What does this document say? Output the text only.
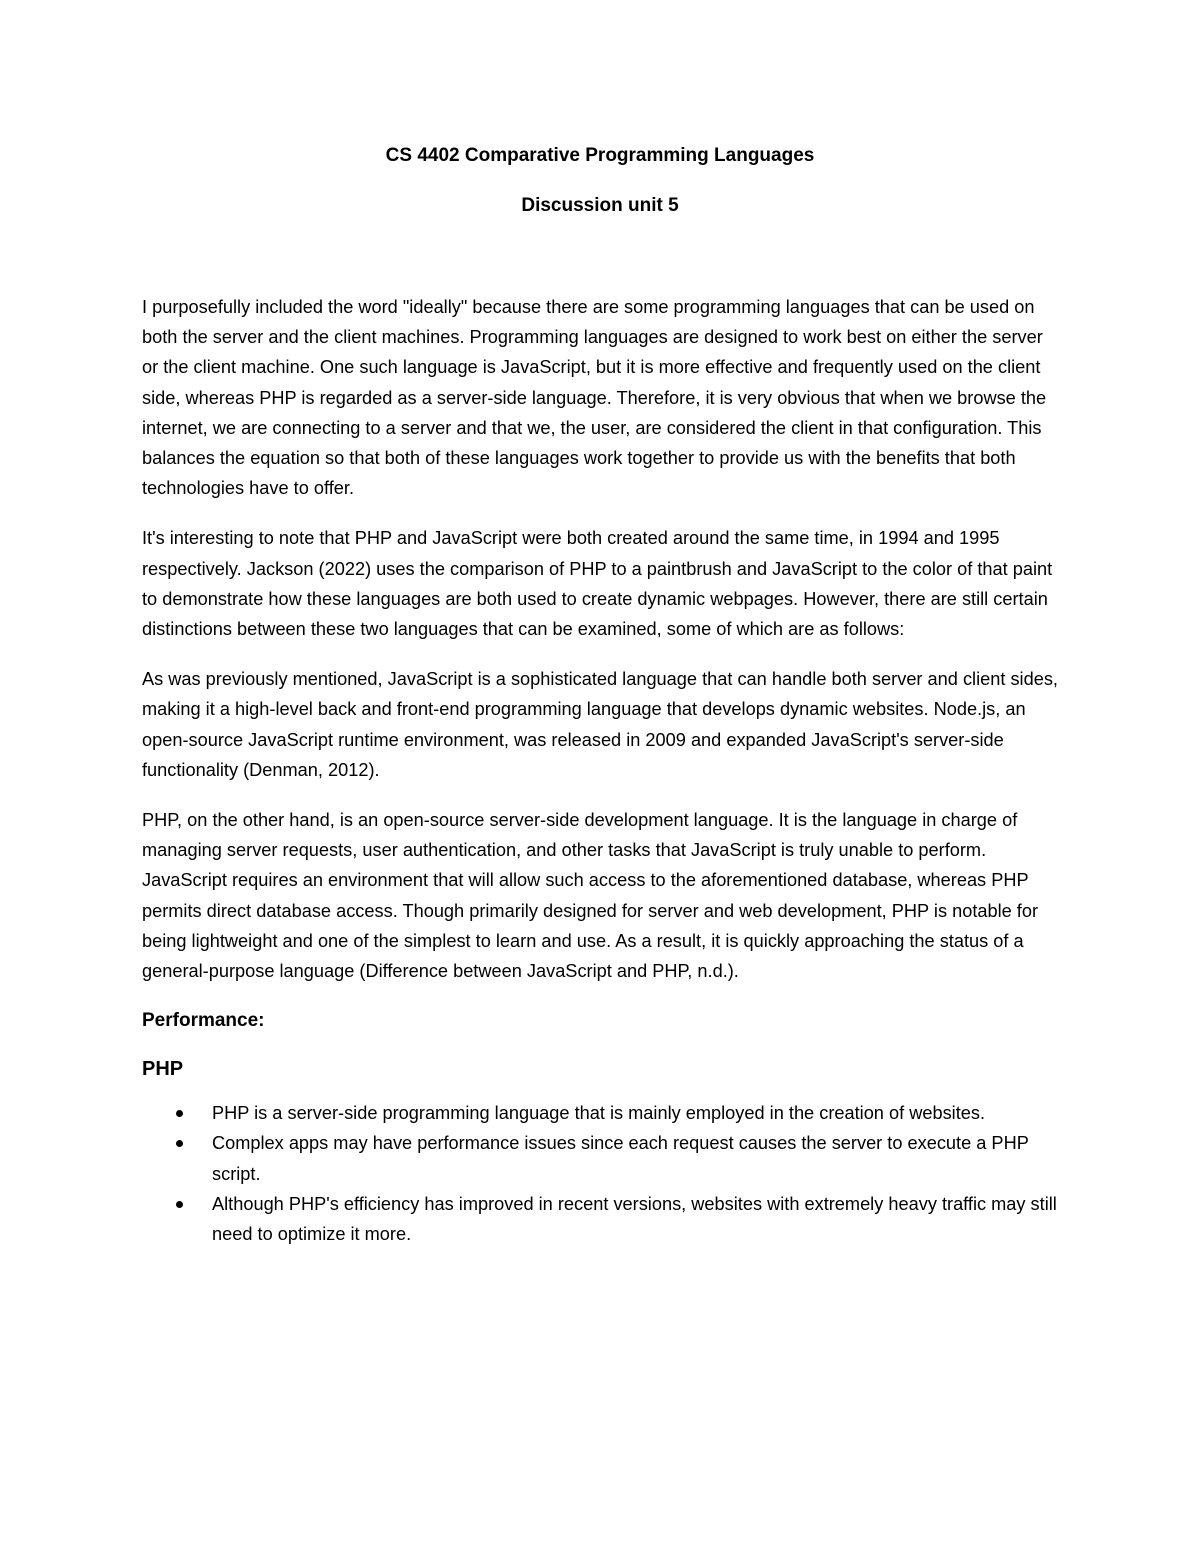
CS 4402 Comparative Programming Languages
Discussion unit 5

I purposefully included the word "ideally" because there are some programming languages that can be used on both the server and the client machines. Programming languages are designed to work best on either the server or the client machine. One such language is JavaScript, but it is more effective and frequently used on the client side, whereas PHP is regarded as a server-side language. Therefore, it is very obvious that when we browse the internet, we are connecting to a server and that we, the user, are considered the client in that configuration. This balances the equation so that both of these languages work together to provide us with the benefits that both technologies have to offer.

It's interesting to note that PHP and JavaScript were both created around the same time, in 1994 and 1995 respectively. Jackson (2022) uses the comparison of PHP to a paintbrush and JavaScript to the color of that paint to demonstrate how these languages are both used to create dynamic webpages. However, there are still certain distinctions between these two languages that can be examined, some of which are as follows:

As was previously mentioned, JavaScript is a sophisticated language that can handle both server and client sides, making it a high-level back and front-end programming language that develops dynamic websites. Node.js, an open-source JavaScript runtime environment, was released in 2009 and expanded JavaScript's server-side functionality (Denman, 2012).

PHP, on the other hand, is an open-source server-side development language. It is the language in charge of managing server requests, user authentication, and other tasks that JavaScript is truly unable to perform. JavaScript requires an environment that will allow such access to the aforementioned database, whereas PHP permits direct database access. Though primarily designed for server and web development, PHP is notable for being lightweight and one of the simplest to learn and use. As a result, it is quickly approaching the status of a general-purpose language (Difference between JavaScript and PHP, n.d.).

Performance:
PHP
PHP is a server-side programming language that is mainly employed in the creation of websites.
Complex apps may have performance issues since each request causes the server to execute a PHP script.
Although PHP's efficiency has improved in recent versions, websites with extremely heavy traffic may still need to optimize it more.
